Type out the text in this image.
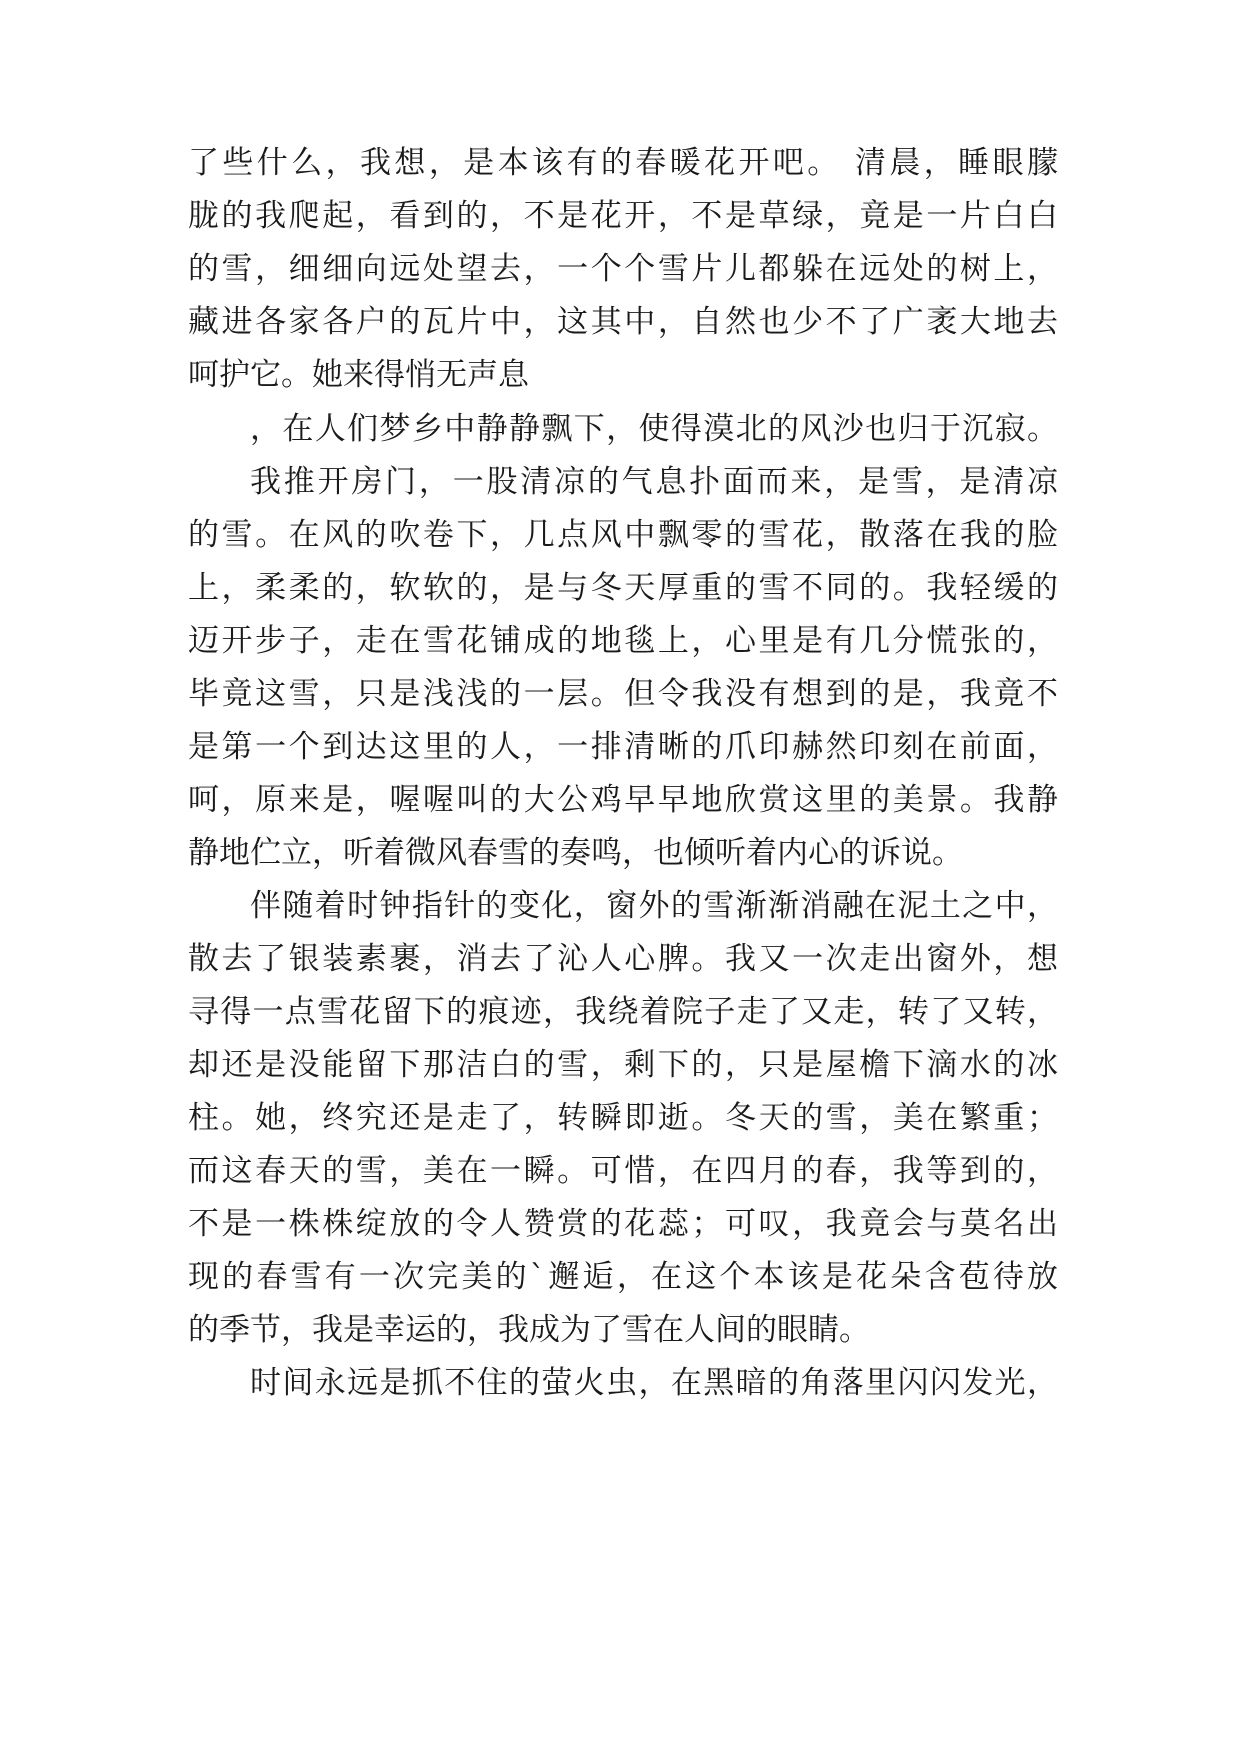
了些什么，我想，是本该有的春暖花开吧。 清晨，睡眼朦
胧的我爬起，看到的，不是花开，不是草绿，竟是一片白白
的雪，细细向远处望去，一个个雪片儿都躲在远处的树上，
藏进各家各户的瓦片中，这其中，自然也少不了广袤大地去
呵护它。她来得悄无声息
，在人们梦乡中静静飘下，使得漠北的风沙也归于沉寂。
我推开房门，一股清凉的气息扑面而来，是雪，是清凉
的雪。在风的吹卷下，几点风中飘零的雪花，散落在我的脸
上，柔柔的，软软的，是与冬天厚重的雪不同的。我轻缓的
迈开步子，走在雪花铺成的地毯上，心里是有几分慌张的，
毕竟这雪，只是浅浅的一层。但令我没有想到的是，我竟不
是第一个到达这里的人，一排清晰的爪印赫然印刻在前面，
呵，原来是，喔喔叫的大公鸡早早地欣赏这里的美景。我静
静地伫立，听着微风春雪的奏鸣，也倾听着内心的诉说。
伴随着时钟指针的变化，窗外的雪渐渐消融在泥土之中，
散去了银装素裹，消去了沁人心脾。我又一次走出窗外，想
寻得一点雪花留下的痕迹，我绕着院子走了又走，转了又转，
却还是没能留下那洁白的雪，剩下的，只是屋檐下滴水的冰
柱。她，终究还是走了，转瞬即逝。冬天的雪，美在繁重；
而这春天的雪，美在一瞬。可惜，在四月的春，我等到的，
不是一株株绽放的令人赞赏的花蕊；可叹，我竟会与莫名出
现的春雪有一次完美的`邂逅，在这个本该是花朵含苞待放
的季节，我是幸运的，我成为了雪在人间的眼睛。
时间永远是抓不住的萤火虫，在黑暗的角落里闪闪发光，
